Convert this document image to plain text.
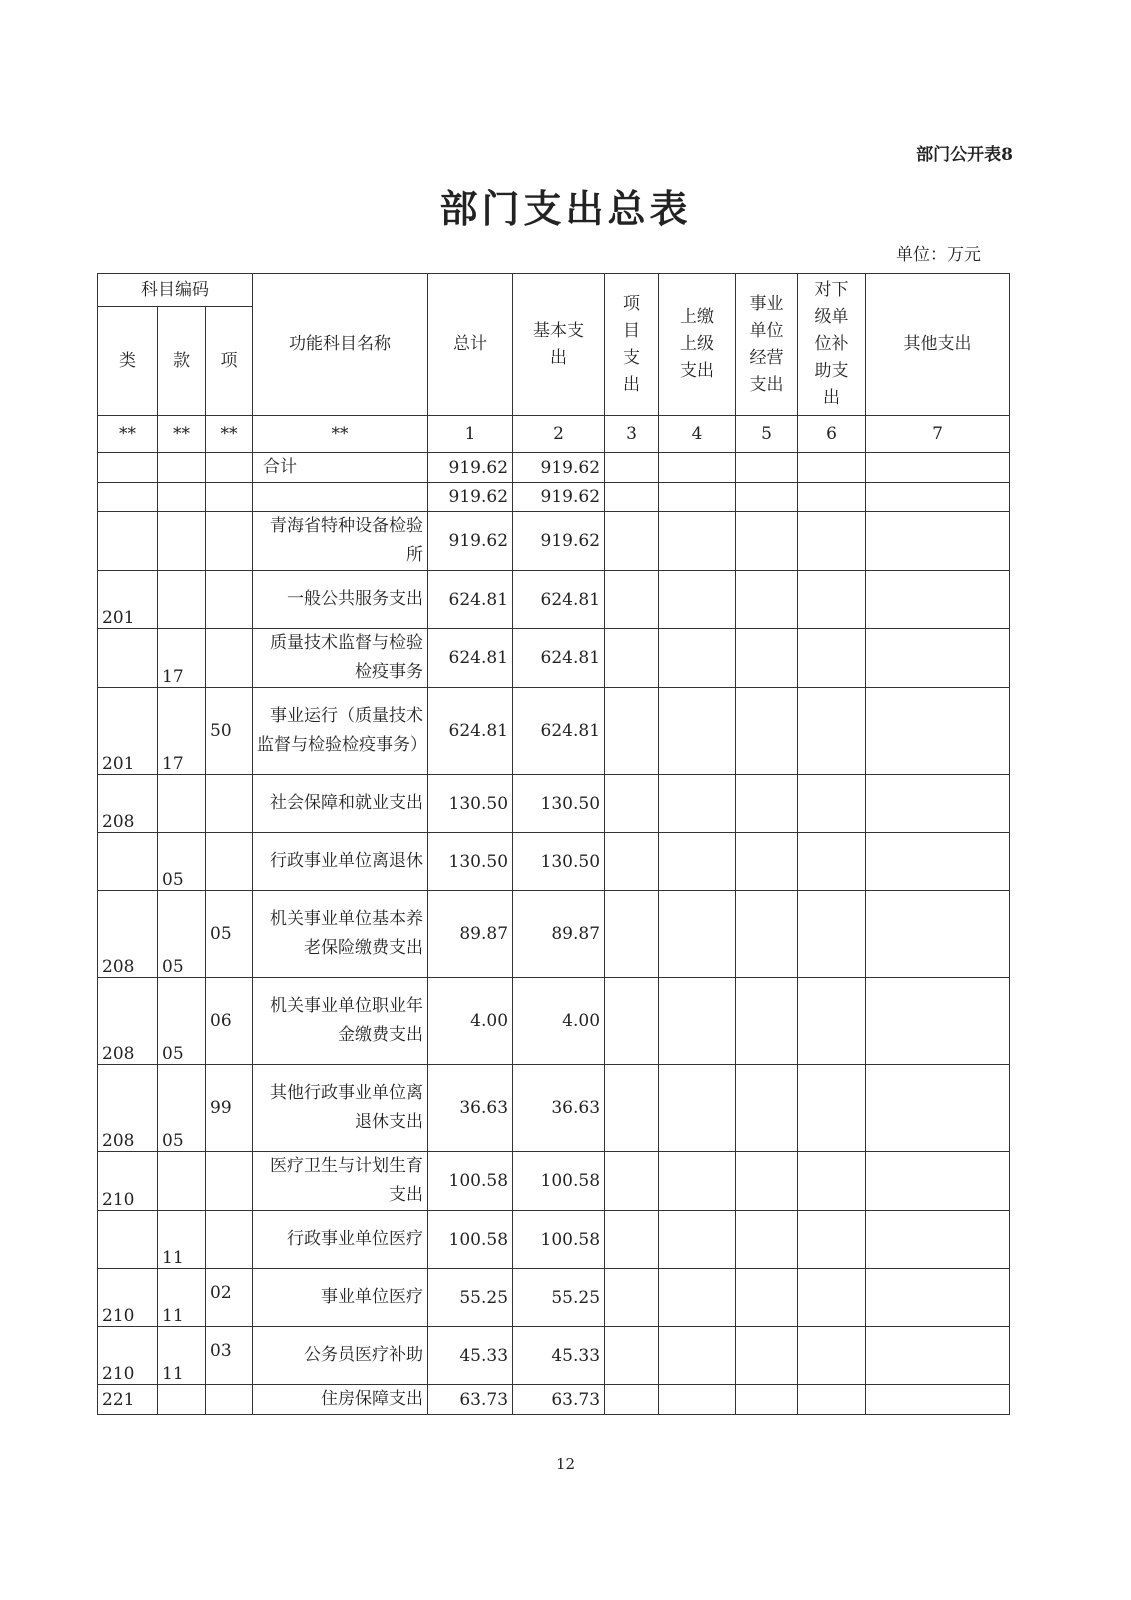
部门公开表8
部门支出总表
单位：万元
科目编码			功能科目名称	总计	基本支出	项目支出	上缴上级支出	事业单位经营支出	对下级单位补助支出	其他支出
类	款	项								
**	**	**	**	1	2	3	4	5	6	7
			合计	919.62	919.62					
				919.62	919.62					
			青海省特种设备检验所	919.62	919.62					
201			一般公共服务支出	624.81	624.81					
	17		质量技术监督与检验检疫事务	624.81	624.81					
201	17	50	事业运行（质量技术监督与检验检疫事务）	624.81	624.81					
208			社会保障和就业支出	130.50	130.50					
	05		行政事业单位离退休	130.50	130.50					
208	05	05	机关事业单位基本养老保险缴费支出	89.87	89.87					
208	05	06	机关事业单位职业年金缴费支出	4.00	4.00					
208	05	99	其他行政事业单位离退休支出	36.63	36.63					
210			医疗卫生与计划生育支出	100.58	100.58					
	11		行政事业单位医疗	100.58	100.58					
210	11	02	事业单位医疗	55.25	55.25					
210	11	03	公务员医疗补助	45.33	45.33					
221			住房保障支出	63.73	63.73					
12
